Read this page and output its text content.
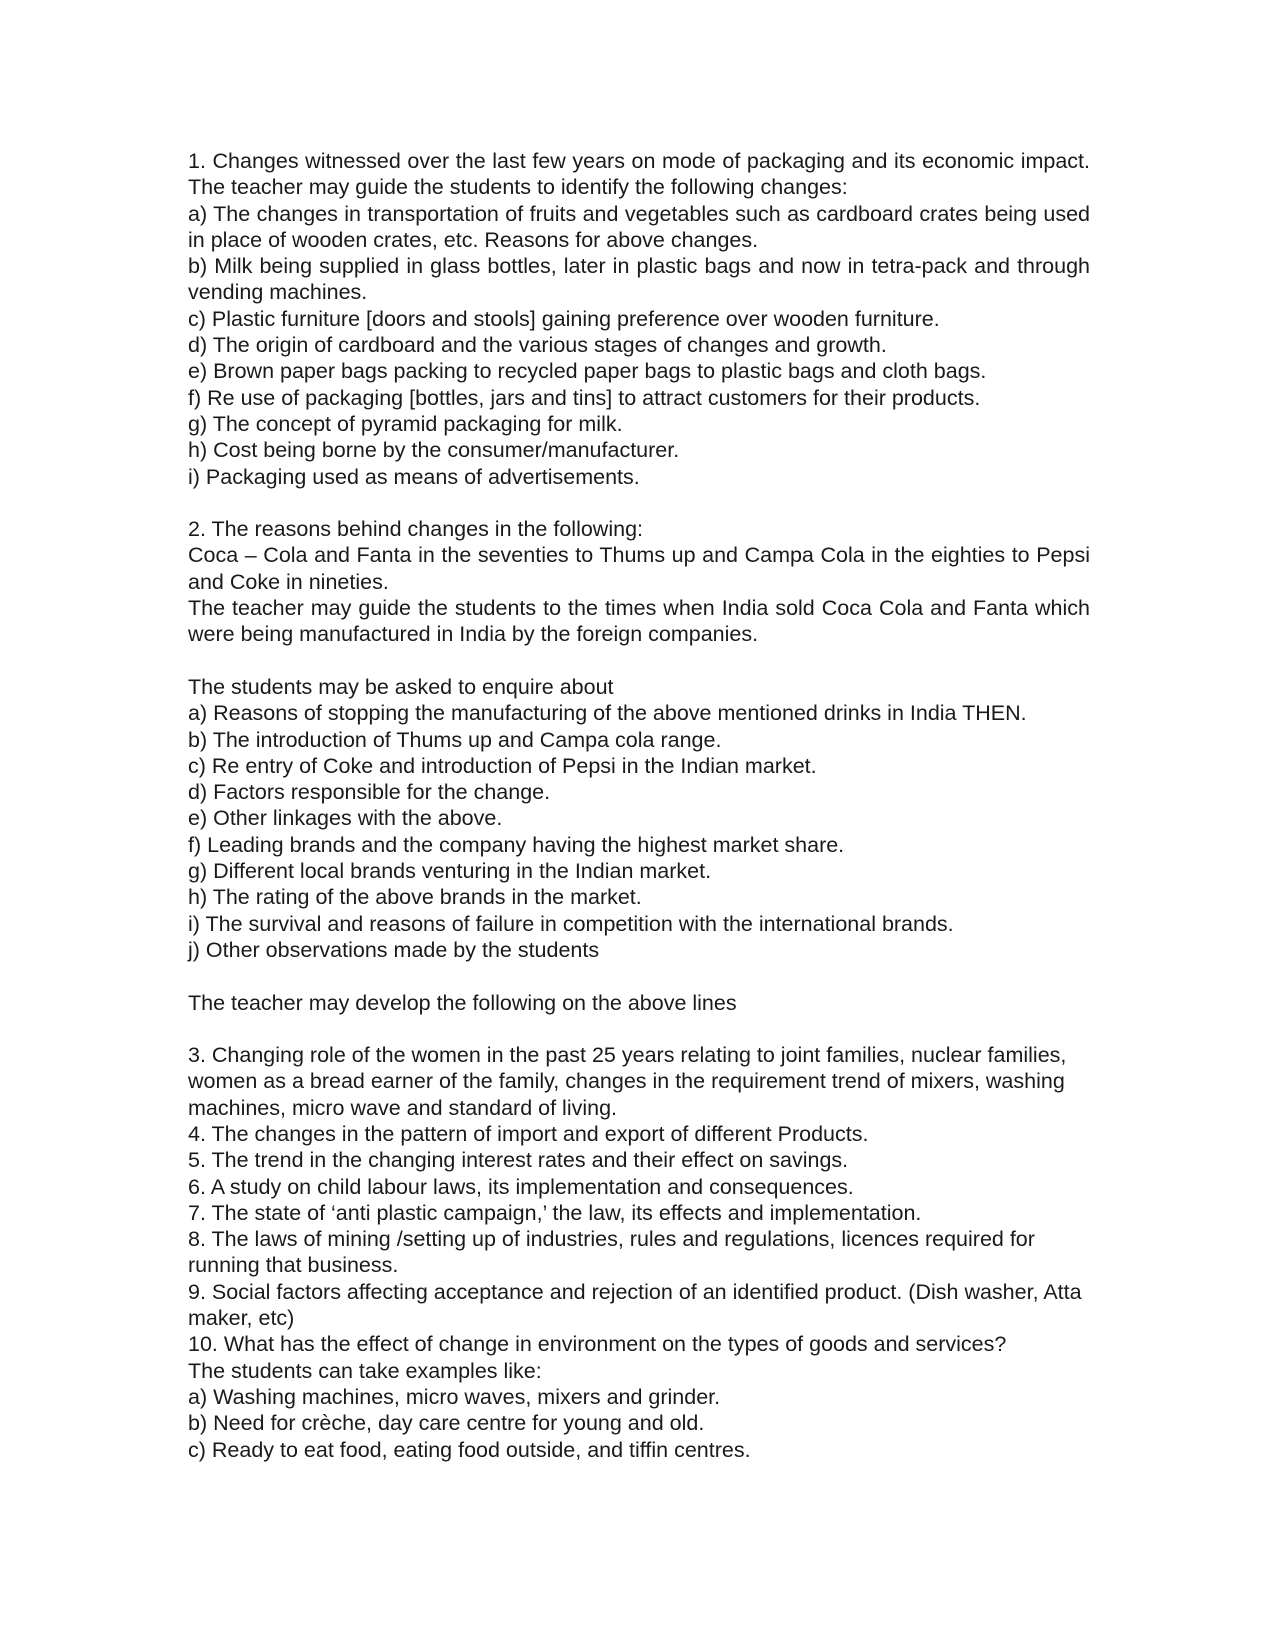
1. Changes witnessed over the last few years on mode of packaging and its economic impact. The teacher may guide the students to identify the following changes:

a) The changes in transportation of fruits and vegetables such as cardboard crates being used in place of wooden crates, etc. Reasons for above changes.

b) Milk being supplied in glass bottles, later in plastic bags and now in tetra-pack and through vending machines.

c) Plastic furniture [doors and stools] gaining preference over wooden furniture.

d) The origin of cardboard and the various stages of changes and growth.

e) Brown paper bags packing to recycled paper bags to plastic bags and cloth bags.

f) Re use of packaging [bottles, jars and tins] to attract customers for their products.

g) The concept of pyramid packaging for milk.

h) Cost being borne by the consumer/manufacturer.

i) Packaging used as means of advertisements.

2. The reasons behind changes in the following:

Coca – Cola and Fanta in the seventies to Thums up and Campa Cola in the eighties to Pepsi and Coke in nineties.

The teacher may guide the students to the times when India sold Coca Cola and Fanta which were being manufactured in India by the foreign companies.

The students may be asked to enquire about

a) Reasons of stopping the manufacturing of the above mentioned drinks in India THEN.

b) The introduction of Thums up and Campa cola range.

c) Re entry of Coke and introduction of Pepsi in the Indian market.

d) Factors responsible for the change.

e) Other linkages with the above.

f) Leading brands and the company having the highest market share.

g) Different local brands venturing in the Indian market.

h) The rating of the above brands in the market.

i) The survival and reasons of failure in competition with the international brands.

j) Other observations made by the students

The teacher may develop the following on the above lines

3. Changing role of the women in the past 25 years relating to joint families, nuclear families, women as a bread earner of the family, changes in the requirement trend of mixers, washing machines, micro wave and standard of living.

4. The changes in the pattern of import and export of different Products.

5. The trend in the changing interest rates and their effect on savings.

6. A study on child labour laws, its implementation and consequences.

7. The state of ‘anti plastic campaign,’ the law, its effects and implementation.

8. The laws of mining /setting up of industries, rules and regulations, licences required for running that business.

9. Social factors affecting acceptance and rejection of an identified product. (Dish washer, Atta maker, etc)

10. What has the effect of change in environment on the types of goods and services?

The students can take examples like:

a) Washing machines, micro waves, mixers and grinder.

b) Need for crèche, day care centre for young and old.

c) Ready to eat food, eating food outside, and tiffin centres.
